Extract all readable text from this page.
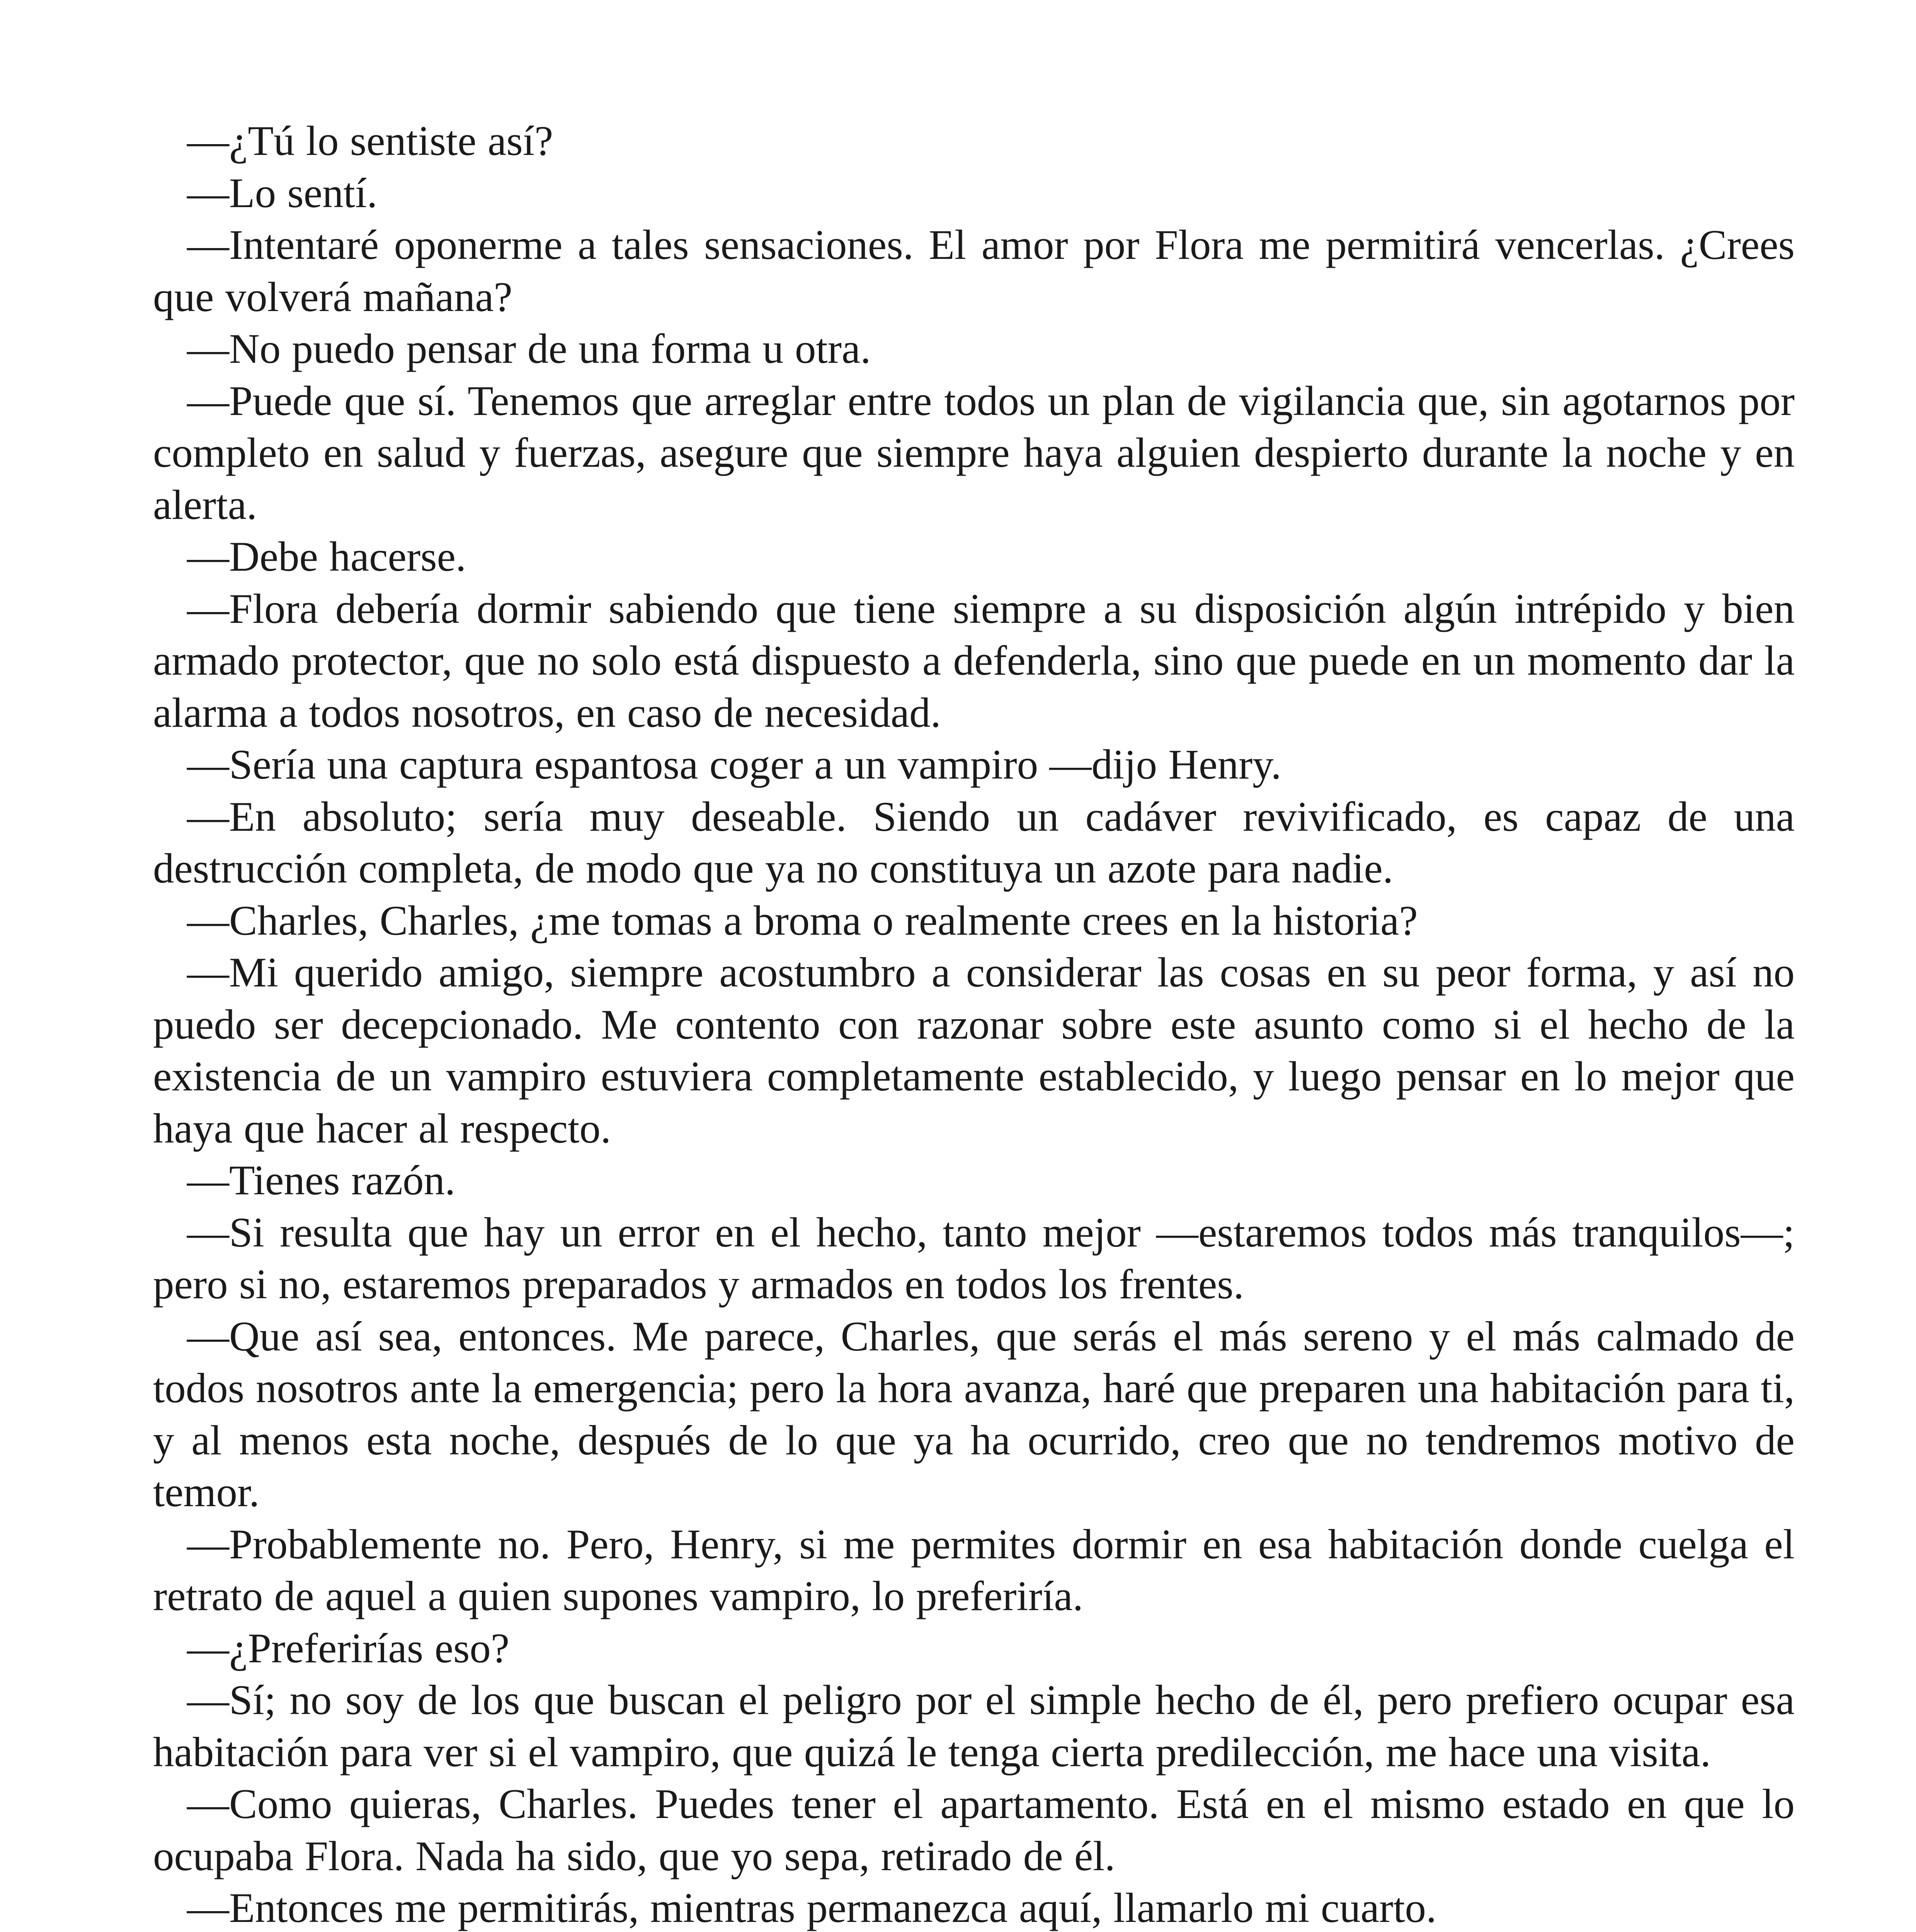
—¿Tú lo sentiste así?

—Lo sentí.

—Intentaré oponerme a tales sensaciones. El amor por Flora me permitirá vencerlas. ¿Crees que volverá mañana?

—No puedo pensar de una forma u otra.

—Puede que sí. Tenemos que arreglar entre todos un plan de vigilancia que, sin agotarnos por completo en salud y fuerzas, asegure que siempre haya alguien despierto durante la noche y en alerta.

—Debe hacerse.

—Flora debería dormir sabiendo que tiene siempre a su disposición algún intrépido y bien armado protector, que no solo está dispuesto a defenderla, sino que puede en un momento dar la alarma a todos nosotros, en caso de necesidad.

—Sería una captura espantosa coger a un vampiro —dijo Henry.

—En absoluto; sería muy deseable. Siendo un cadáver revivificado, es capaz de una destrucción completa, de modo que ya no constituya un azote para nadie.

—Charles, Charles, ¿me tomas a broma o realmente crees en la historia?

—Mi querido amigo, siempre acostumbro a considerar las cosas en su peor forma, y así no puedo ser decepcionado. Me contento con razonar sobre este asunto como si el hecho de la existencia de un vampiro estuviera completamente establecido, y luego pensar en lo mejor que haya que hacer al respecto.

—Tienes razón.

—Si resulta que hay un error en el hecho, tanto mejor —estaremos todos más tranquilos—; pero si no, estaremos preparados y armados en todos los frentes.

—Que así sea, entonces. Me parece, Charles, que serás el más sereno y el más calmado de todos nosotros ante la emergencia; pero la hora avanza, haré que preparen una habitación para ti, y al menos esta noche, después de lo que ya ha ocurrido, creo que no tendremos motivo de temor.

—Probablemente no. Pero, Henry, si me permites dormir en esa habitación donde cuelga el retrato de aquel a quien supones vampiro, lo preferiría.

—¿Preferirías eso?

—Sí; no soy de los que buscan el peligro por el simple hecho de él, pero prefiero ocupar esa habitación para ver si el vampiro, que quizá le tenga cierta predilección, me hace una visita.

—Como quieras, Charles. Puedes tener el apartamento. Está en el mismo estado en que lo ocupaba Flora. Nada ha sido, que yo sepa, retirado de él.

—Entonces me permitirás, mientras permanezca aquí, llamarlo mi cuarto.
